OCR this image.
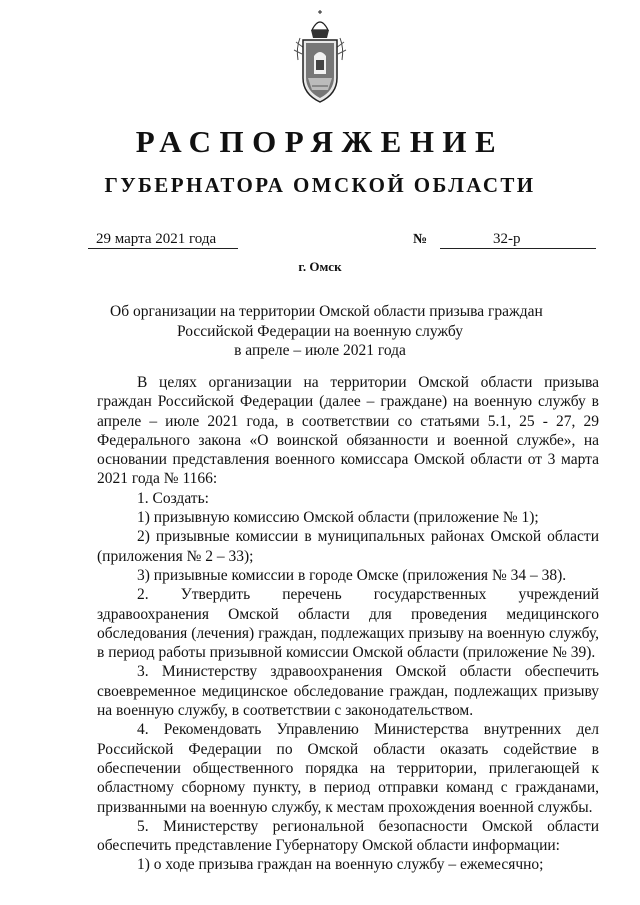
РАСПОРЯЖЕНИЕ
ГУБЕРНАТОРА ОМСКОЙ ОБЛАСТИ
29 марта 2021 года	№	32-р
г. Омск
Об организации на территории Омской области призыва граждан
Российской Федерации на военную службу
в апреле – июле 2021 года

В целях организации на территории Омской области призыва граждан Российской Федерации (далее – граждане) на военную службу в апреле – июле 2021 года, в соответствии со статьями 5.1, 25 - 27, 29 Федерального закона «О воинской обязанности и военной службе», на основании представления военного комиссара Омской области от 3 марта 2021 года № 1166:

1. Создать:

1) призывную комиссию Омской области (приложение № 1);

2) призывные комиссии в муниципальных районах Омской области (приложения № 2 – 33);

3) призывные комиссии в городе Омске (приложения № 34 – 38).

2. Утвердить перечень государственных учреждений здравоохранения Омской области для проведения медицинского обследования (лечения) граждан, подлежащих призыву на военную службу, в период работы призывной комиссии Омской области (приложение № 39).

3. Министерству здравоохранения Омской области обеспечить своевременное медицинское обследование граждан, подлежащих призыву на военную службу, в соответствии с законодательством.

4. Рекомендовать Управлению Министерства внутренних дел Российской Федерации по Омской области оказать содействие в обеспечении общественного порядка на территории, прилегающей к областному сборному пункту, в период отправки команд с гражданами, призванными на военную службу, к местам прохождения военной службы.

5. Министерству региональной безопасности Омской области обеспечить представление Губернатору Омской области информации:

1) о ходе призыва граждан на военную службу – ежемесячно;
